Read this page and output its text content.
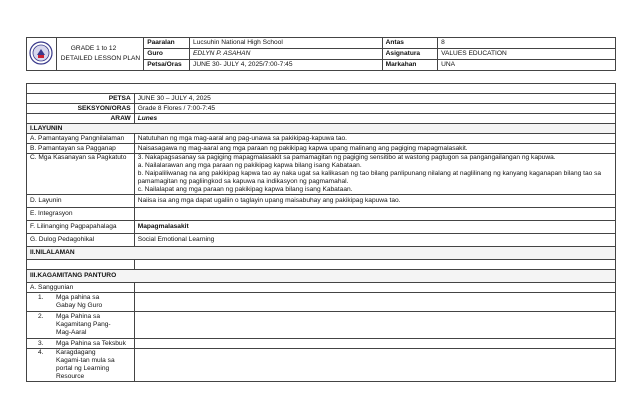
GRADE 1 to 12
DETAILED LESSON PLAN	Paaralan	Lucsuhin National High School	Antas	8
		Guro	EDLYN P. ASAHAN	Asignatura	VALUES EDUCATION
		Petsa/Oras	JUNE 30- JULY 4, 2025/7:00-7:45	Markahan	UNA

PETSA	JUNE 30 – JULY 4, 2025
SEKSYON/ORAS	Grade 8 Flores / 7:00-7:45
ARAW	Lunes
I.LAYUNIN	
A. Pamantayang Pangnilalaman	Natutuhan ng mga mag-aaral ang pag-unawa sa pakikipag-kapuwa tao.
B. Pamantayan sa Pagganap	Naisasagawa ng mag-aaral ang mga paraan ng pakikipag kapwa upang malinang ang pagiging mapagmalasakit.
C. Mga Kasanayan sa Pagkatuto	3. Nakapagsasanay sa pagiging mapagmalasakit sa pamamagitan ng pagiging sensitibo at wastong pagtugon sa pangangailangan ng kapuwa.
a. Nailalarawan ang mga paraan ng pakikipag kapwa bilang isang Kabataan.
b. Naipaliliwanag na ang pakikipag kapwa tao ay naka ugat sa kalikasan ng tao bilang panlipunang nilalang at naglilinang ng kanyang kaganapan bilang tao sa
pamamagitan ng pagliingkod sa kapuwa na indikasyon ng pagmamahal.
c. Nailalapat ang mga paraan ng pakikipag kapwa bilang isang Kabataan.

D. Layunin	Naiisa isa ang mga dapat ugaliin o taglayin upang maisabuhay ang pakikipag kapuwa tao.
E. Integrasyon	
F. Lilinanging Pagpapahalaga	Mapagmalasakit
G. Dulog Pedagohikal	Social Emotional Learning
II.NILALAMAN	

III.KAGAMITANG PANTURO	
A. Sanggunian	

1. Mga pahina sa Gabay Ng Guro	

2. Mga Pahina sa Kagamitang Pang-Mag-Aaral	

3. Mga Pahina sa Teksbuk	

4. Karagdagang Kagami-tan mula sa portal ng Learning Resource	
